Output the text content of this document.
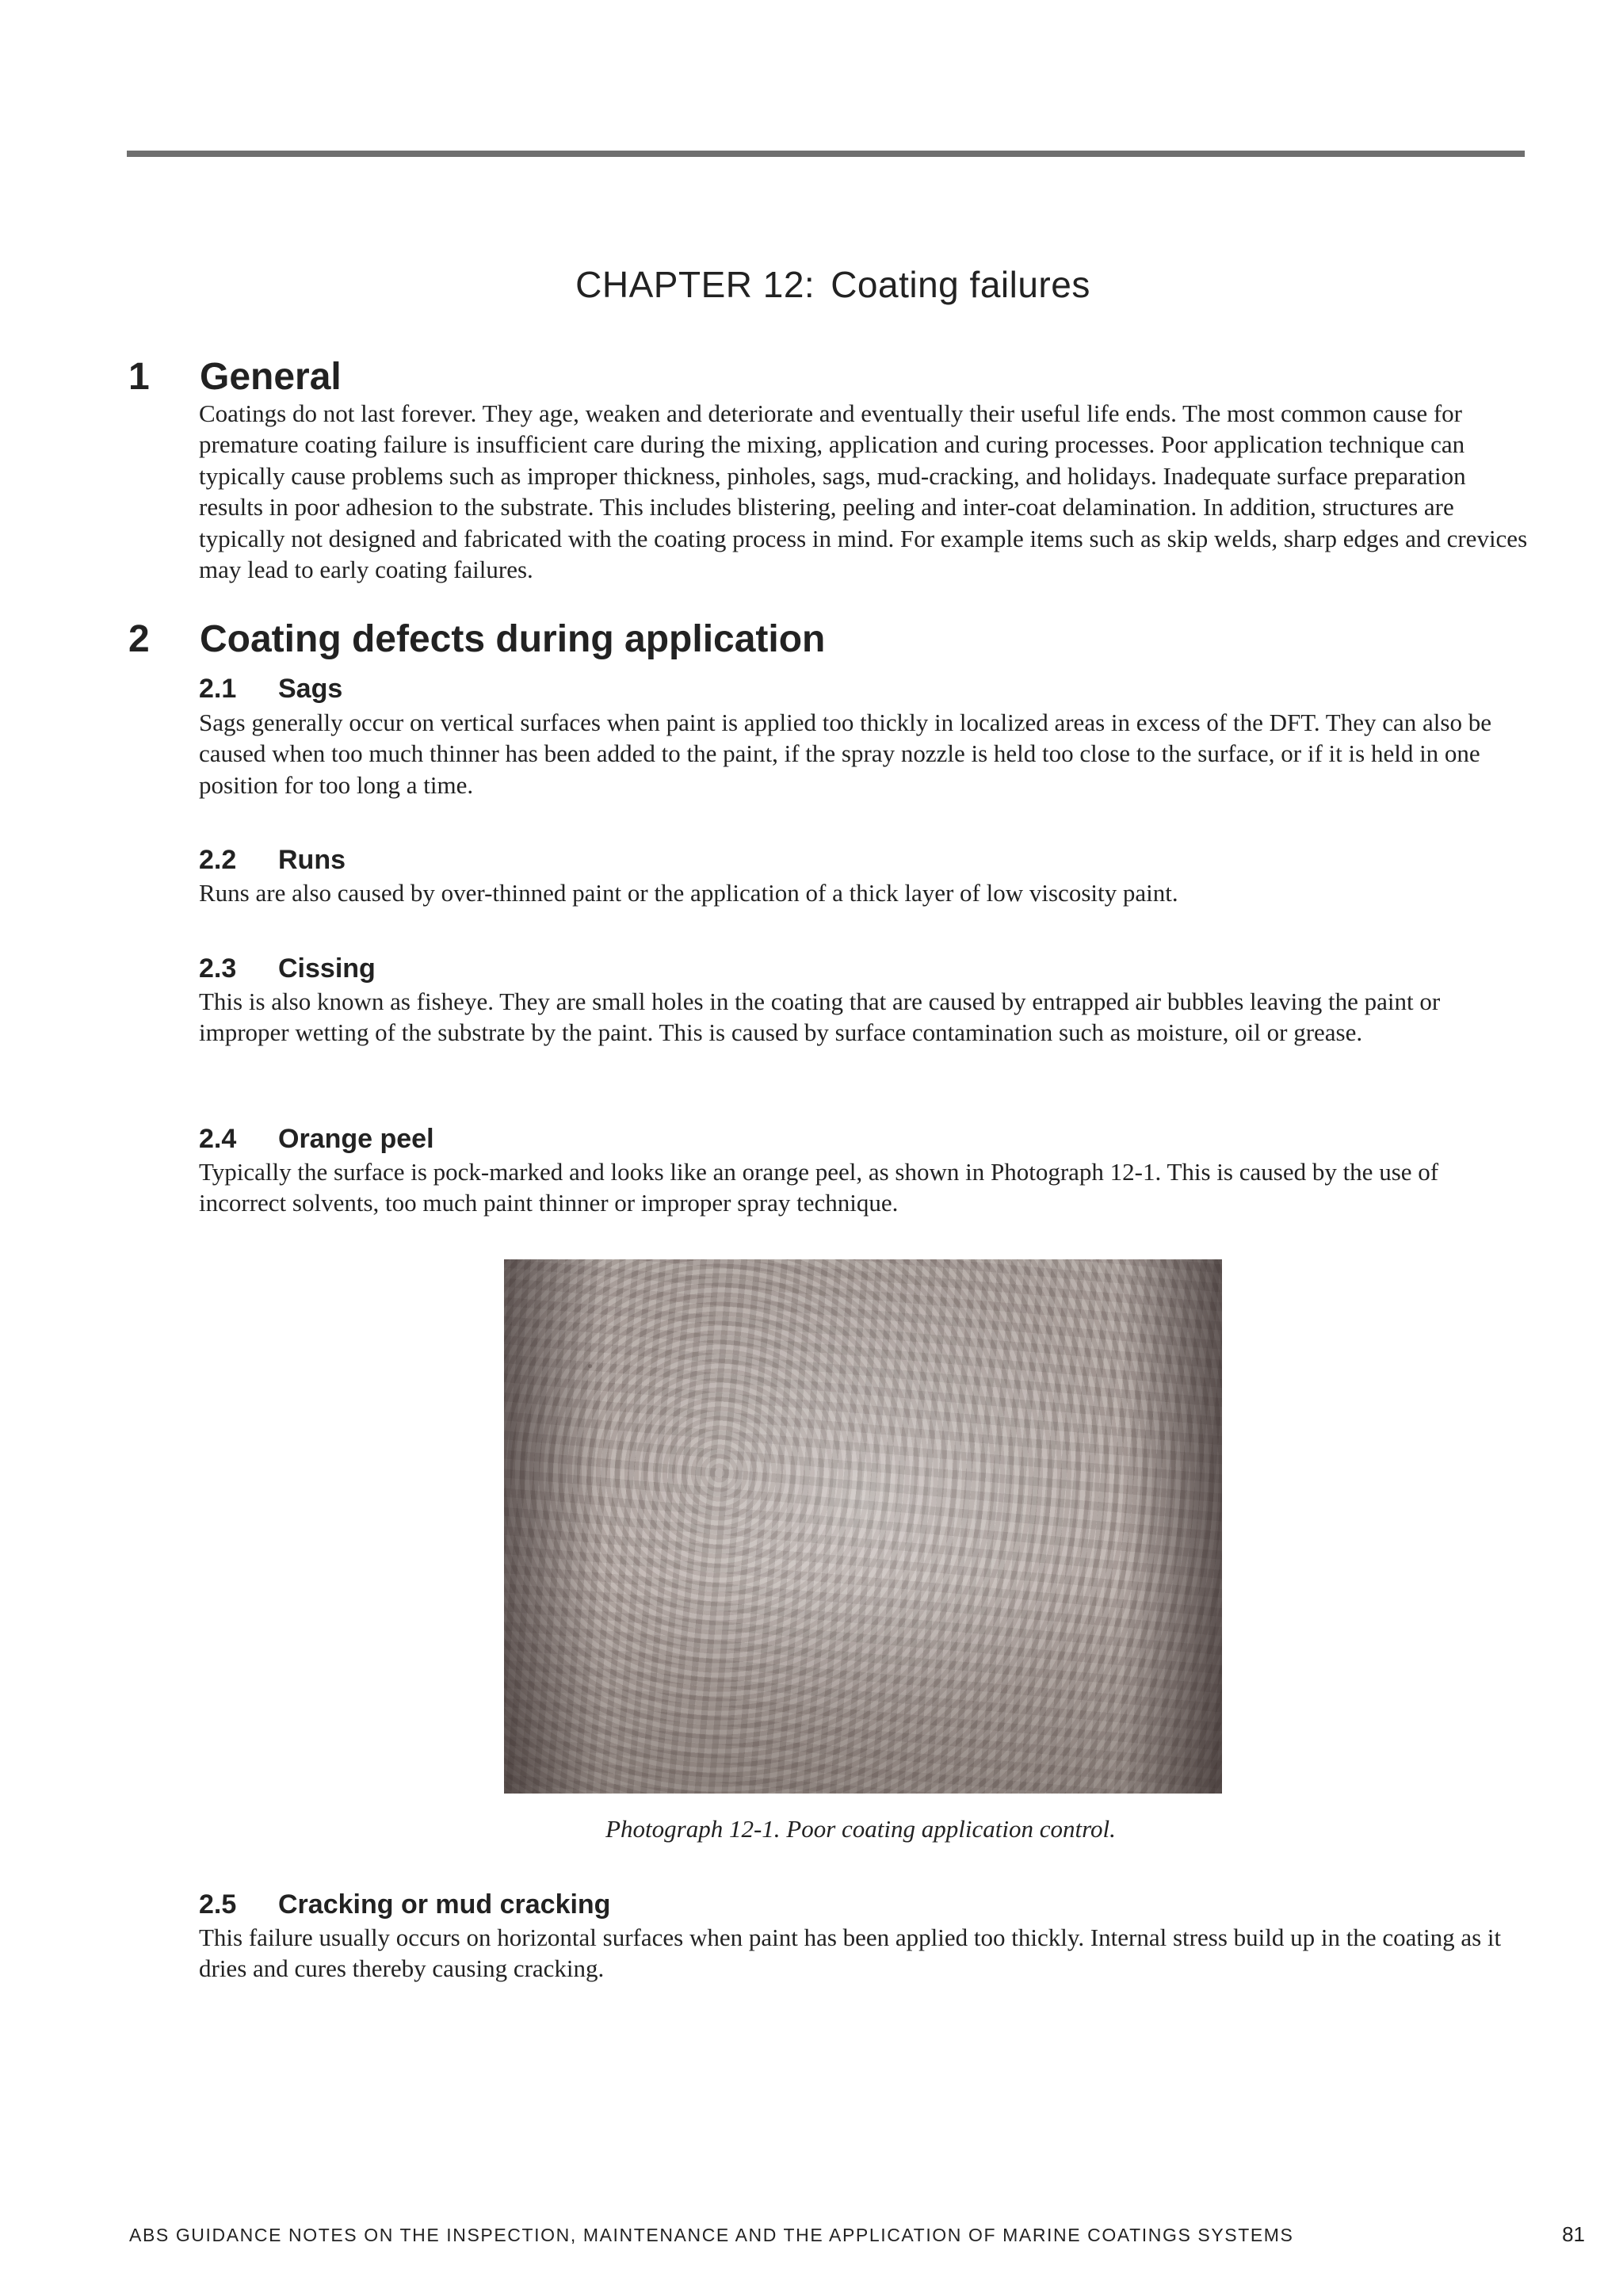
CHAPTER 12: Coating failures
1 General

Coatings do not last forever. They age, weaken and deteriorate and eventually their useful life ends. The most common cause for premature coating failure is insufficient care during the mixing, application and curing processes. Poor application technique can typically cause problems such as improper thickness, pinholes, sags, mud-cracking, and holidays. Inadequate surface preparation results in poor adhesion to the substrate. This includes blistering, peeling and inter-coat delamination. In addition, structures are typically not designed and fabricated with the coating process in mind. For example items such as skip welds, sharp edges and crevices may lead to early coating failures.

2 Coating defects during application
2.1 Sags

Sags generally occur on vertical surfaces when paint is applied too thickly in localized areas in excess of the DFT. They can also be caused when too much thinner has been added to the paint, if the spray nozzle is held too close to the surface, or if it is held in one position for too long a time.

2.2 Runs

Runs are also caused by over-thinned paint or the application of a thick layer of low viscosity paint.

2.3 Cissing

This is also known as fisheye. They are small holes in the coating that are caused by entrapped air bubbles leaving the paint or improper wetting of the substrate by the paint. This is caused by surface contamination such as moisture, oil or grease.

2.4 Orange peel

Typically the surface is pock-marked and looks like an orange peel, as shown in Photograph 12-1. This is caused by the use of incorrect solvents, too much paint thinner or improper spray technique.

Photograph 12-1. Poor coating application control.
2.5 Cracking or mud cracking

This failure usually occurs on horizontal surfaces when paint has been applied too thickly. Internal stress build up in the coating as it dries and cures thereby causing cracking.

ABS GUIDANCE NOTES ON THE INSPECTION, MAINTENANCE AND THE APPLICATION OF MARINE COATINGS SYSTEMS	81
